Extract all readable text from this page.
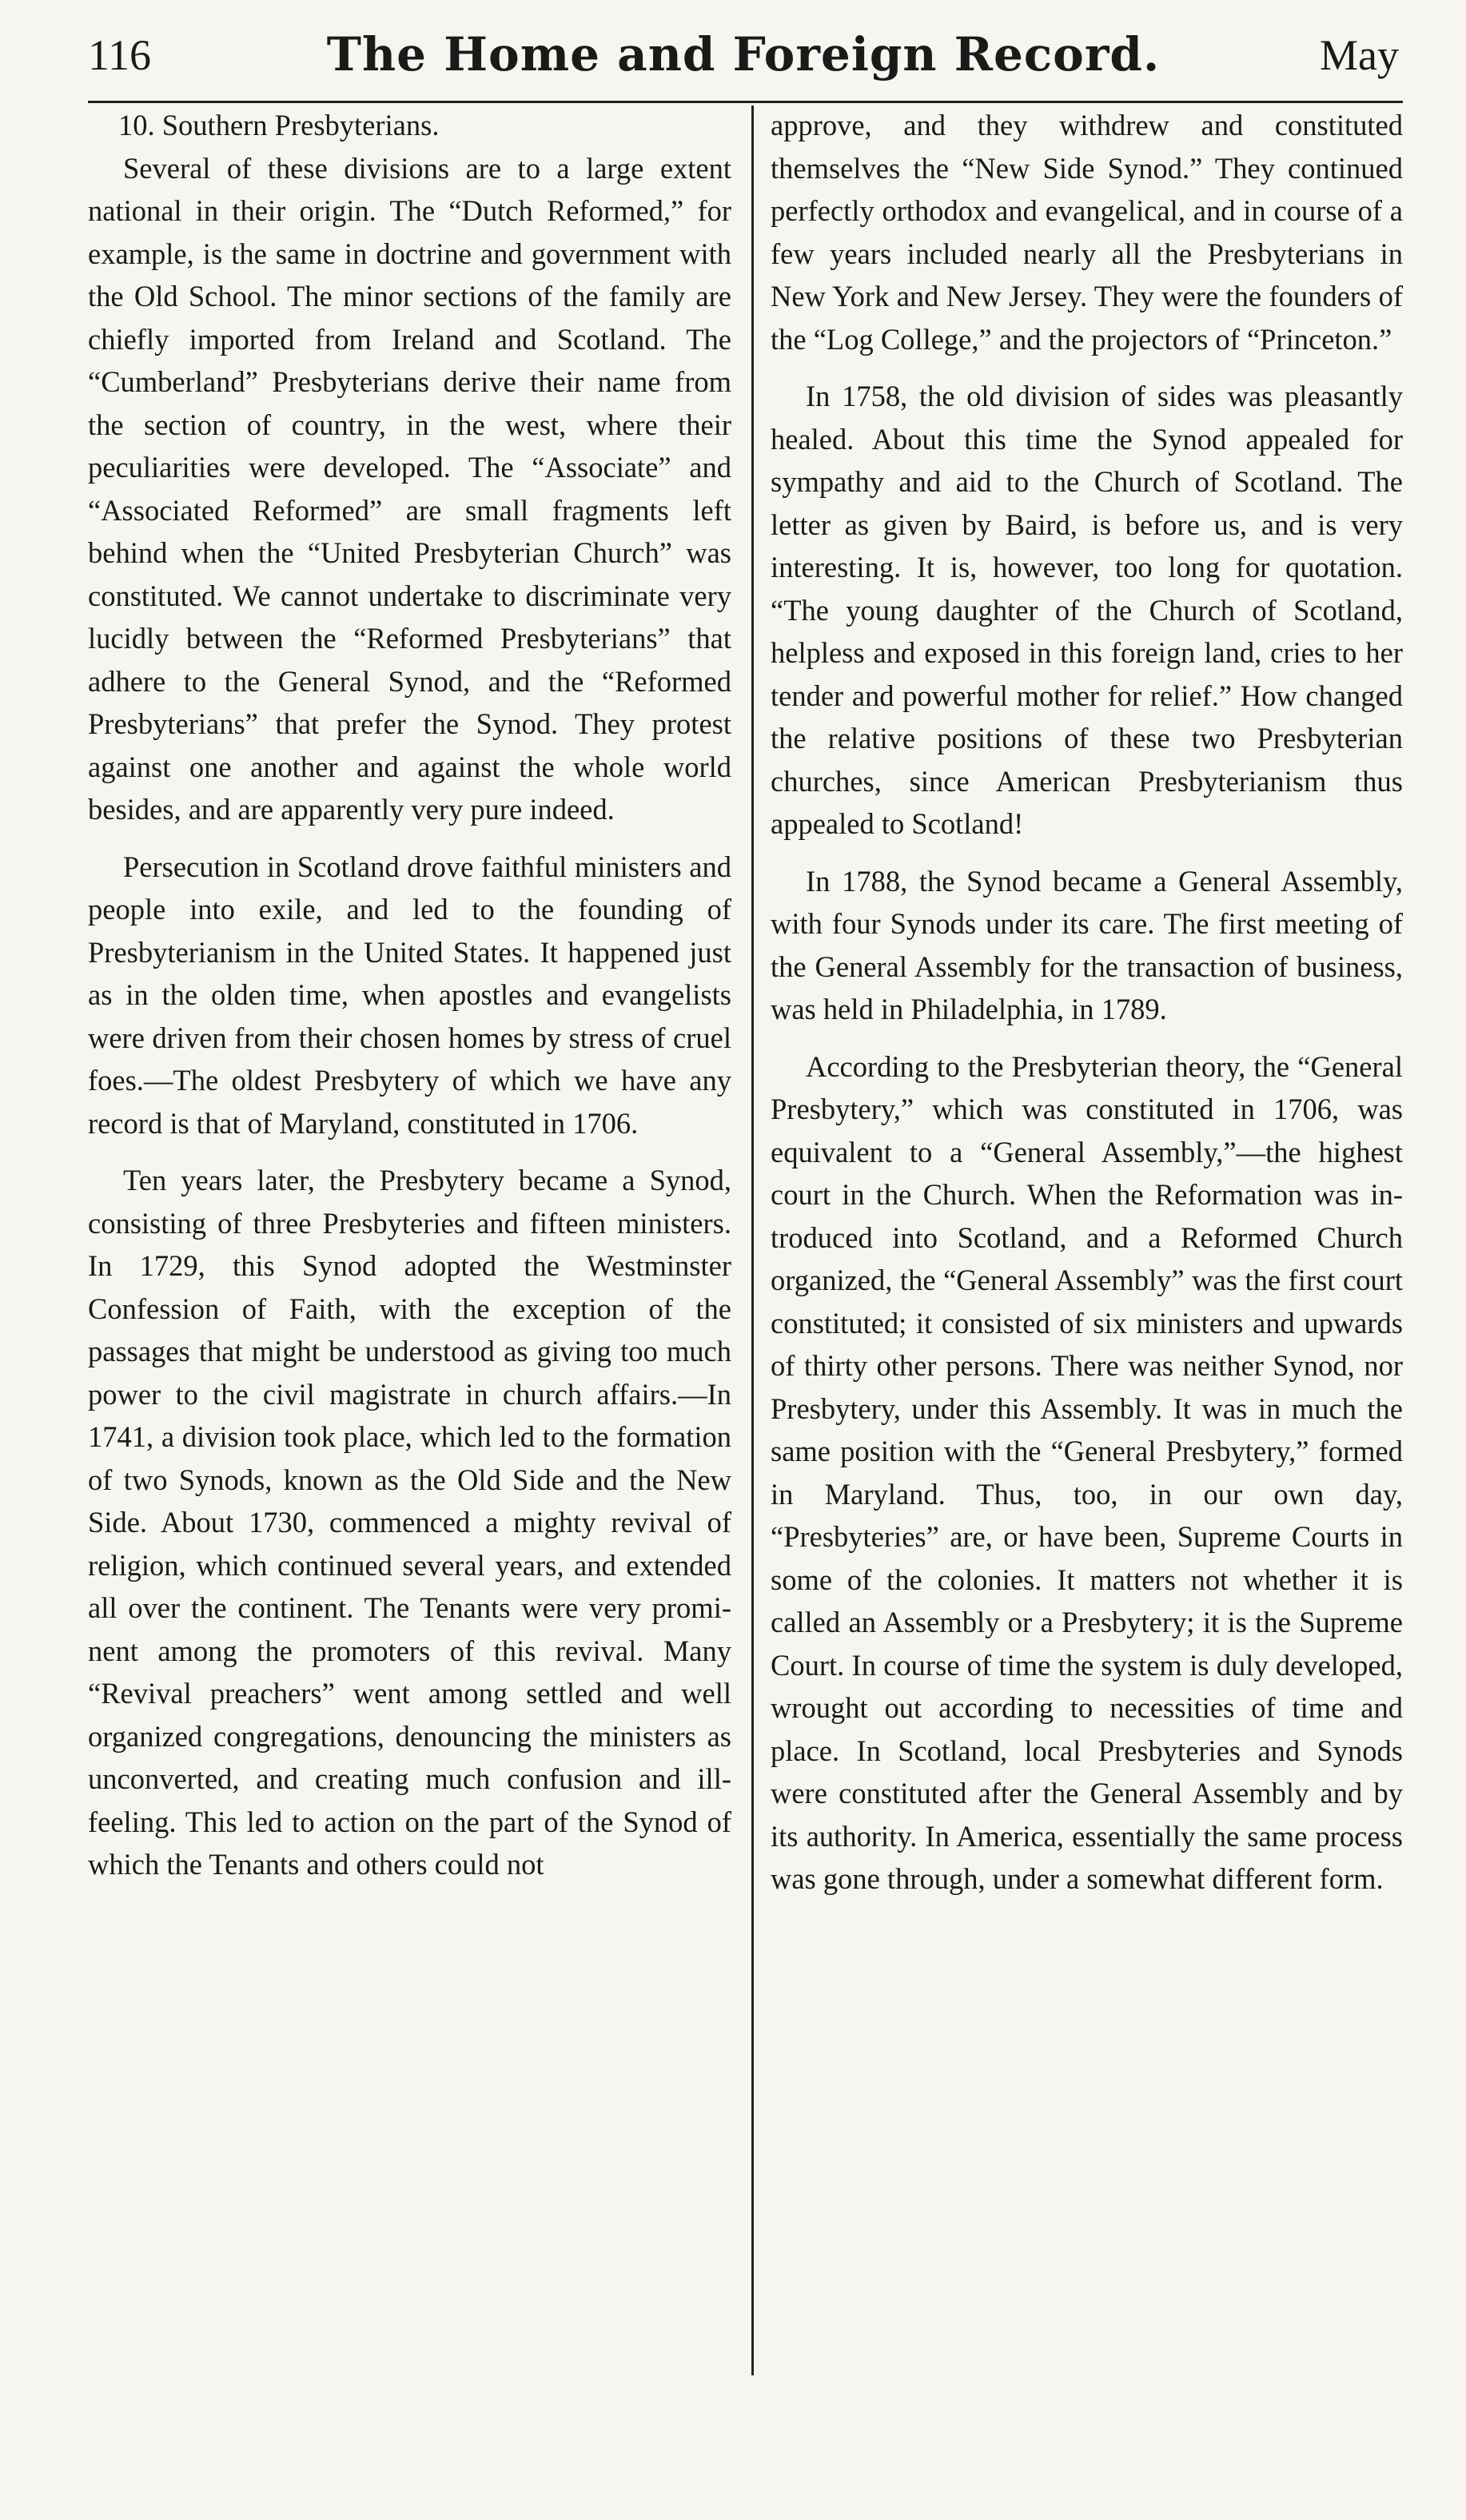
116	The Home and Foreign Record.	May

10. Southern Presbyterians.

Several of these divisions are to a large extent national in their origin. The “Dutch Reformed,” for example, is the same in doctrine and government with the Old School. The minor sections of the family are chiefly imported from Ireland and Scotland. The “Cumberland” Presbyterians derive their name from the section of country, in the west, where their peculiarities were developed. The “Associate” and “Associated Reformed” are small fragments left behind when the “United Presbyterian Church” was constituted. We cannot undertake to discriminate very lucidly between the “Reformed Presbyterians” that adhere to the General Synod, and the “Reformed Presbyterians” that prefer the Synod. They protest against one another and against the whole world besides, and are apparently very pure indeed.

Persecution in Scotland drove faithful ministers and people into exile, and led to the founding of Presbyterianism in the United States. It happened just as in the olden time, when apostles and evangelists were driven from their chosen homes by stress of cruel foes.—The oldest Presbytery of which we have any record is that of Maryland, constituted in 1706.

Ten years later, the Presbytery became a Synod, consisting of three Presbyteries and fifteen ministers. In 1729, this Synod adopted the Westminster Confession of Faith, with the exception of the passages that might be understood as giving too much power to the civil magistrate in church affairs.—In 1741, a division took place, which led to the formation of two Synods, known as the Old Side and the New Side. About 1730, commenced a mighty revival of religion, which continued several years, and extended all over the continent. The Tenants were very prominent among the promoters of this revival. Many “Revival preachers” went among settled and well organized congregations, denouncing the ministers as unconverted, and creating much confusion and ill-feeling. This led to action on the part of the Synod of which the Tenants and others could not

approve, and they withdrew and constituted themselves the “New Side Synod.” They continued perfectly orthodox and evangelical, and in course of a few years included nearly all the Presbyterians in New York and New Jersey. They were the founders of the “Log College,” and the projectors of “Princeton.”

In 1758, the old division of sides was pleasantly healed. About this time the Synod appealed for sympathy and aid to the Church of Scotland. The letter as given by Baird, is before us, and is very interesting. It is, however, too long for quotation. “The young daughter of the Church of Scotland, helpless and exposed in this foreign land, cries to her tender and powerful mother for relief.” How changed the relative positions of these two Presbyterian churches, since American Presbyterianism thus appealed to Scotland!

In 1788, the Synod became a General Assembly, with four Synods under its care. The first meeting of the General Assembly for the transaction of business, was held in Philadelphia, in 1789.

According to the Presbyterian theory, the “General Presbytery,” which was constituted in 1706, was equivalent to a “General Assembly,”—the highest court in the Church. When the Reformation was introduced into Scotland, and a Reformed Church organized, the “General Assembly” was the first court constituted; it consisted of six ministers and upwards of thirty other persons. There was neither Synod, nor Presbytery, under this Assembly. It was in much the same position with the “General Presbytery,” formed in Maryland. Thus, too, in our own day, “Presbyteries” are, or have been, Supreme Courts in some of the colonies. It matters not whether it is called an Assembly or a Presbytery; it is the Supreme Court. In course of time the system is duly developed, wrought out according to necessities of time and place. In Scotland, local Presbyteries and Synods were constituted after the General Assembly and by its authority. In America, essentially the same process was gone through, under a somewhat different form.
